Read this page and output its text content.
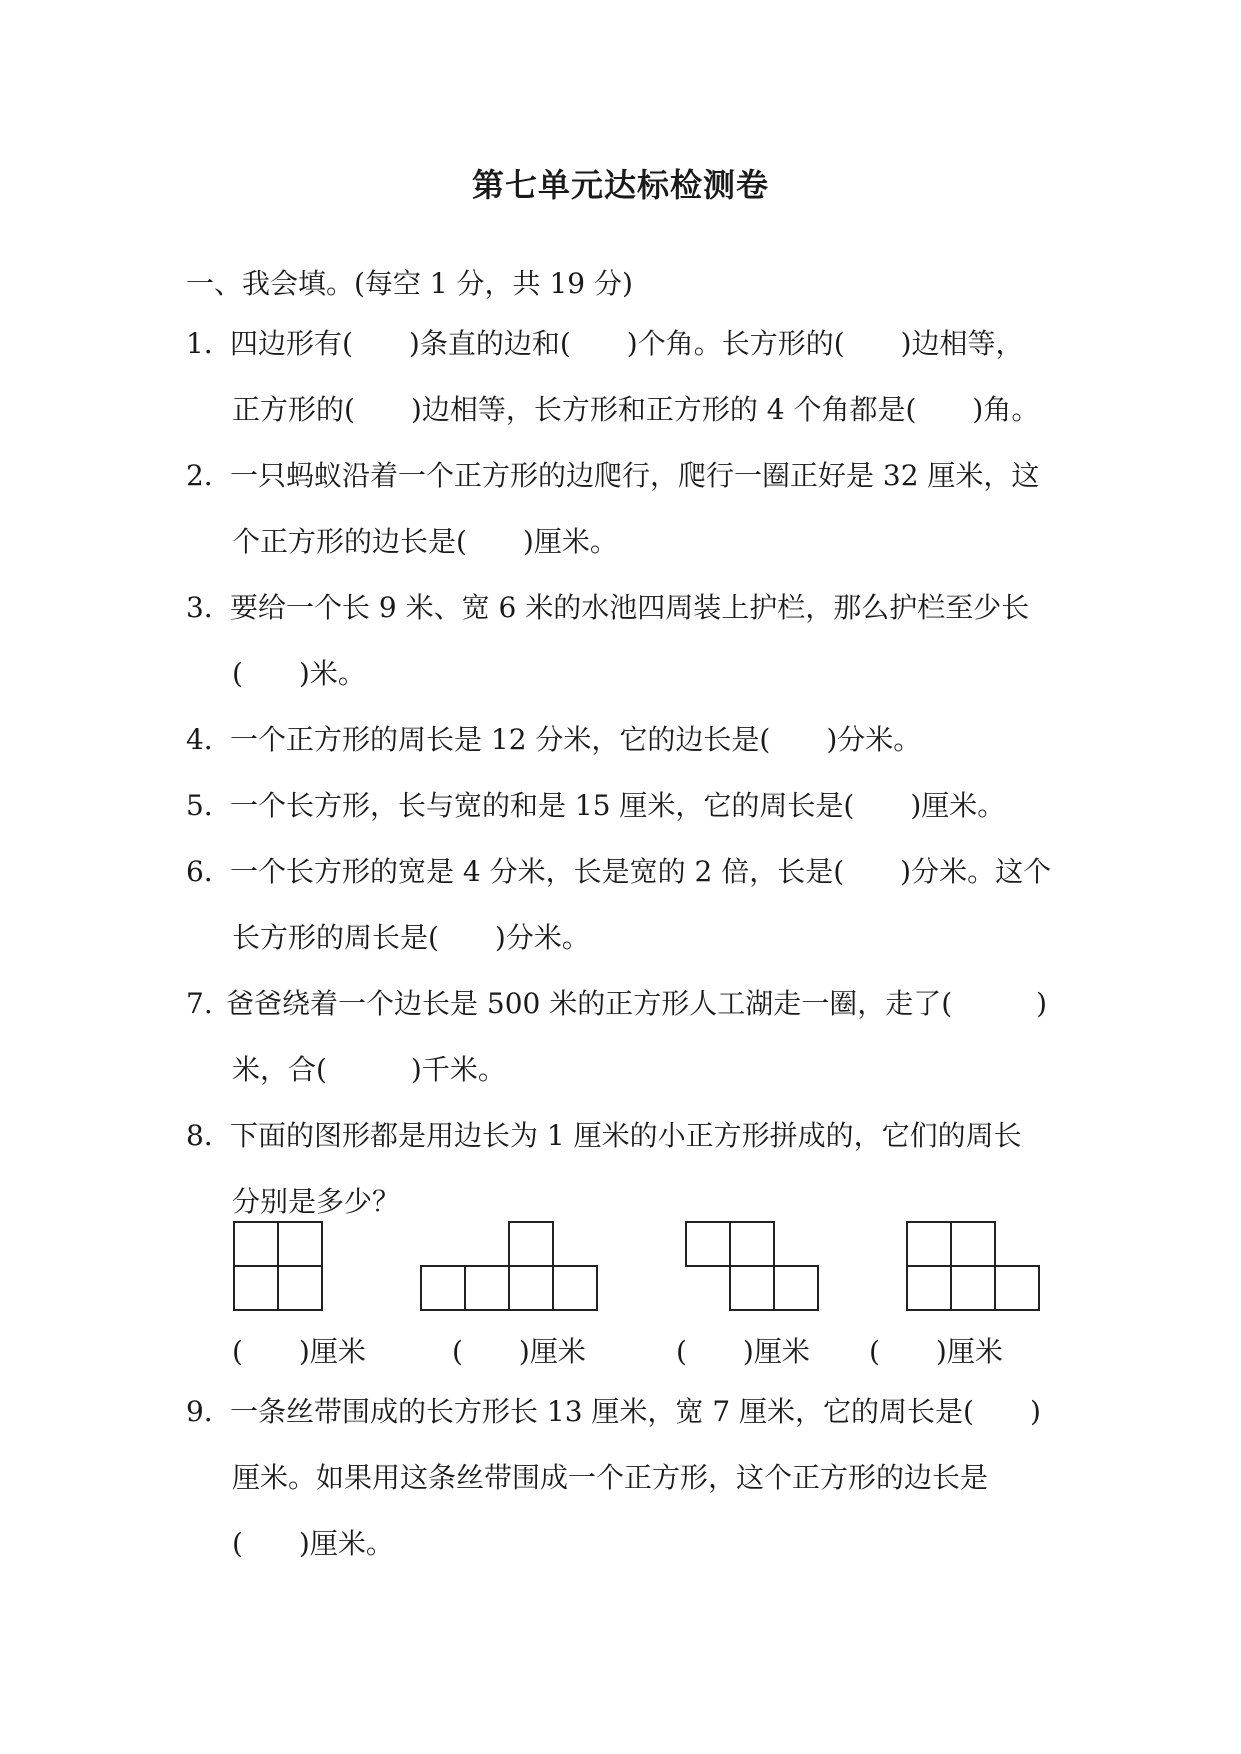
第七单元达标检测卷
一、我会填。(每空 1 分，共 19 分)
1．四边形有(　　)条直的边和(　　)个角。长方形的(　　)边相等，
正方形的(　　)边相等，长方形和正方形的 4 个角都是(　　)角。
2．一只蚂蚁沿着一个正方形的边爬行，爬行一圈正好是 32 厘米，这
个正方形的边长是(　　)厘米。
3．要给一个长 9 米、宽 6 米的水池四周装上护栏，那么护栏至少长
(　　)米。
4．一个正方形的周长是 12 分米，它的边长是(　　)分米。
5．一个长方形，长与宽的和是 15 厘米，它的周长是(　　)厘米。
6．一个长方形的宽是 4 分米，长是宽的 2 倍，长是(　　)分米。这个
长方形的周长是(　　)分米。
7. 爸爸绕着一个边长是 500 米的正方形人工湖走一圈，走了(　　　)
米，合(　　　)千米。
8．下面的图形都是用边长为 1 厘米的小正方形拼成的，它们的周长
分别是多少？
(　　)厘米	(　　)厘米	(　　)厘米 (　　)厘米
9．一条丝带围成的长方形长 13 厘米，宽 7 厘米，它的周长是(　　)
厘米。如果用这条丝带围成一个正方形，这个正方形的边长是
(　　)厘米。
